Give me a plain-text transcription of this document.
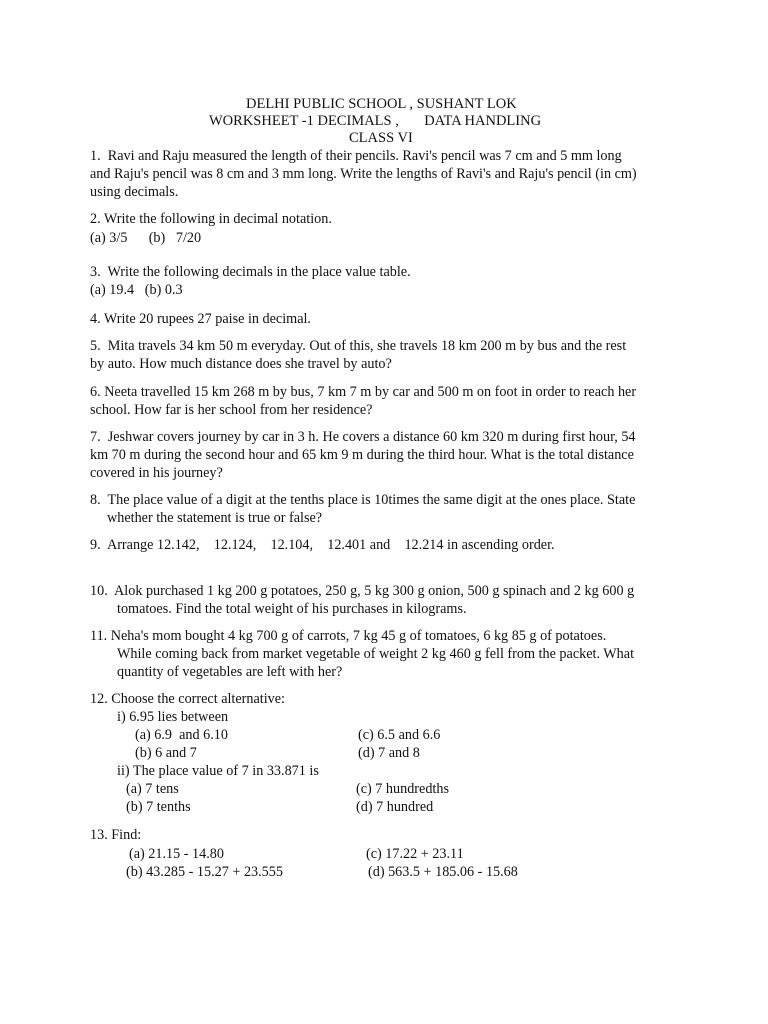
DELHI PUBLIC SCHOOL , SUSHANT LOK
WORKSHEET -1 DECIMALS ,       DATA HANDLING
CLASS VI
1.  Ravi and Raju measured the length of their pencils. Ravi's pencil was 7 cm and 5 mm long
and Raju's pencil was 8 cm and 3 mm long. Write the lengths of Ravi's and Raju's pencil (in cm)
using decimals.
2. Write the following in decimal notation.
(a) 3/5      (b)   7/20
3.  Write the following decimals in the place value table.
(a) 19.4   (b) 0.3
4. Write 20 rupees 27 paise in decimal.
5.  Mita travels 34 km 50 m everyday. Out of this, she travels 18 km 200 m by bus and the rest
by auto. How much distance does she travel by auto?
6. Neeta travelled 15 km 268 m by bus, 7 km 7 m by car and 500 m on foot in order to reach her
school. How far is her school from her residence?
7.  Jeshwar covers journey by car in 3 h. He covers a distance 60 km 320 m during first hour, 54
km 70 m during the second hour and 65 km 9 m during the third hour. What is the total distance
covered in his journey?
8.  The place value of a digit at the tenths place is 10times the same digit at the ones place. State
whether the statement is true or false?
9.  Arrange 12.142,    12.124,    12.104,    12.401 and    12.214 in ascending order.
10.  Alok purchased 1 kg 200 g potatoes, 250 g, 5 kg 300 g onion, 500 g spinach and 2 kg 600 g
tomatoes. Find the total weight of his purchases in kilograms.
11. Neha's mom bought 4 kg 700 g of carrots, 7 kg 45 g of tomatoes, 6 kg 85 g of potatoes.
While coming back from market vegetable of weight 2 kg 460 g fell from the packet. What
quantity of vegetables are left with her?
12. Choose the correct alternative:
i) 6.95 lies between
(a) 6.9  and 6.10	(c) 6.5 and 6.6
(b) 6 and 7	(d) 7 and 8
ii) The place value of 7 in 33.871 is
(a) 7 tens	(c) 7 hundredths
(b) 7 tenths	(d) 7 hundred
13. Find:
(a) 21.15 - 14.80	(c) 17.22 + 23.11
(b) 43.285 - 15.27 + 23.555	(d) 563.5 + 185.06 - 15.68
